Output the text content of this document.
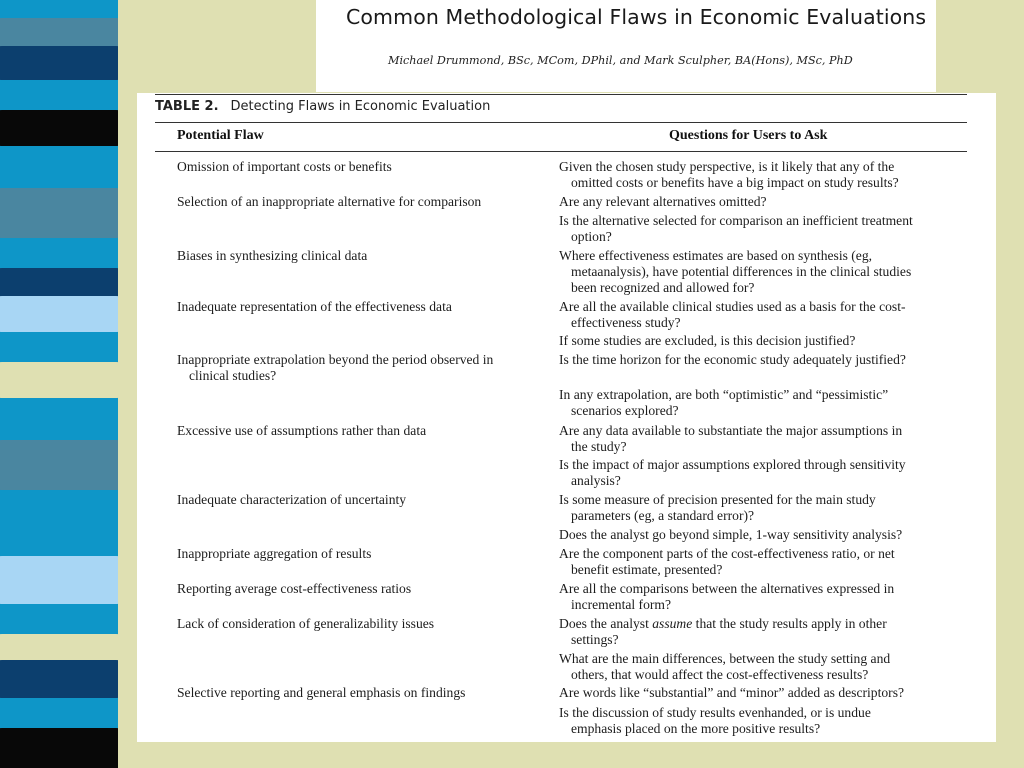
Common Methodological Flaws in Economic Evaluations
Michael Drummond, BSc, MCom, DPhil, and Mark Sculpher, BA(Hons), MSc, PhD
TABLE 2. Detecting Flaws in Economic Evaluation
Potential Flaw	Questions for Users to Ask
Omission of important costs or benefits
Selection of an inappropriate alternative for comparison
Biases in synthesizing clinical data
Inadequate representation of the effectiveness data
Inappropriate extrapolation beyond the period observed in
clinical studies?
Excessive use of assumptions rather than data
Inadequate characterization of uncertainty
Inappropriate aggregation of results
Reporting average cost-effectiveness ratios
Lack of consideration of generalizability issues
Selective reporting and general emphasis on findings
Given the chosen study perspective, is it likely that any of the
omitted costs or benefits have a big impact on study results?
Are any relevant alternatives omitted?
Is the alternative selected for comparison an inefficient treatment
option?
Where effectiveness estimates are based on synthesis (eg,
metaanalysis), have potential differences in the clinical studies
been recognized and allowed for?
Are all the available clinical studies used as a basis for the cost-
effectiveness study?
If some studies are excluded, is this decision justified?
Is the time horizon for the economic study adequately justified?
In any extrapolation, are both “optimistic” and “pessimistic”
scenarios explored?
Are any data available to substantiate the major assumptions in
the study?
Is the impact of major assumptions explored through sensitivity
analysis?
Is some measure of precision presented for the main study
parameters (eg, a standard error)?
Does the analyst go beyond simple, 1-way sensitivity analysis?
Are the component parts of the cost-effectiveness ratio, or net
benefit estimate, presented?
Are all the comparisons between the alternatives expressed in
incremental form?
Does the analyst assume that the study results apply in other
settings?
What are the main differences, between the study setting and
others, that would affect the cost-effectiveness results?
Are words like “substantial” and “minor” added as descriptors?
Is the discussion of study results evenhanded, or is undue
emphasis placed on the more positive results?
